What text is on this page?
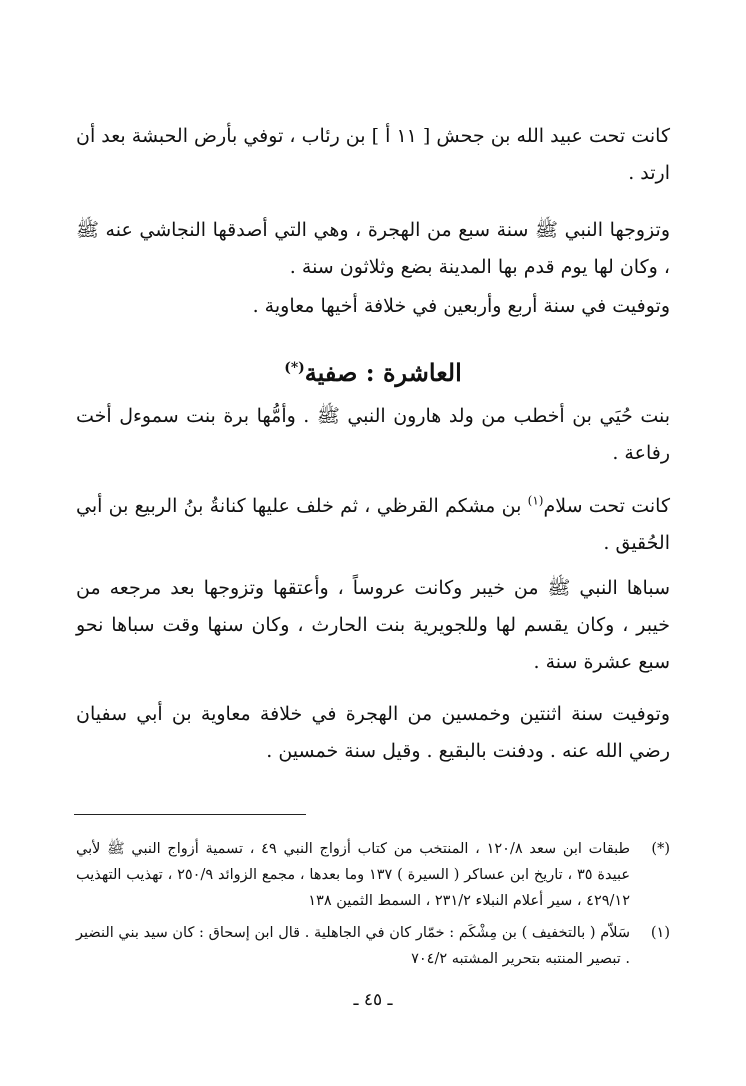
كانت تحت عبيد الله بن جحش [ ١١ أ ] بن رئاب ، توفي بأرض الحبشة بعد أن ارتد .

وتزوجها النبي ﷺ سنة سبع من الهجرة ، وهي التي أصدقها النجاشي عنه ﷺ ، وكان لها يوم قدم بها المدينة بضع وثلاثون سنة .

وتوفيت في سنة أربع وأربعين في خلافة أخيها معاوية .

العاشرة : صفية(*)

بنت حُيَي بن أخطب من ولد هارون النبي ﷺ . وأمُّها برة بنت سموءل أخت رفاعة .

كانت تحت سلام$^{(١)}$ بن مشكم القرظي ، ثم خلف عليها كنانةُ بنُ الربيع بن أبي الحُقيق .

سباها النبي ﷺ من خيبر وكانت عروساً ، وأعتقها وتزوجها بعد مرجعه من خيبر ، وكان يقسم لها وللجويرية بنت الحارث ، وكان سنها وقت سباها نحو سبع عشرة سنة .

وتوفيت سنة اثنتين وخمسين من الهجرة في خلافة معاوية بن أبي سفيان رضي الله عنه . ودفنت بالبقيع . وقيل سنة خمسين .

(*)
طبقات ابن سعد ١٢٠/٨ ، المنتخب من كتاب أزواج النبي ٤٩ ، تسمية أزواج النبي ﷺ لأبي عبيدة ٣٥ ، تاريخ ابن عساكر ( السيرة ) ١٣٧ وما بعدها ، مجمع الزوائد ٢٥٠/٩ ، تهذيب التهذيب ٤٢٩/١٢ ، سير أعلام النبلاء ٢٣١/٢ ، السمط الثمين ١٣٨
(١)
سَلاّم ( بالتخفيف ) بن مِشْكَم : خمّار كان في الجاهلية . قال ابن إسحاق : كان سيد بني النضير . تبصير المنتبه بتحرير المشتبه ٧٠٤/٢
ـ ٤٥ ـ
